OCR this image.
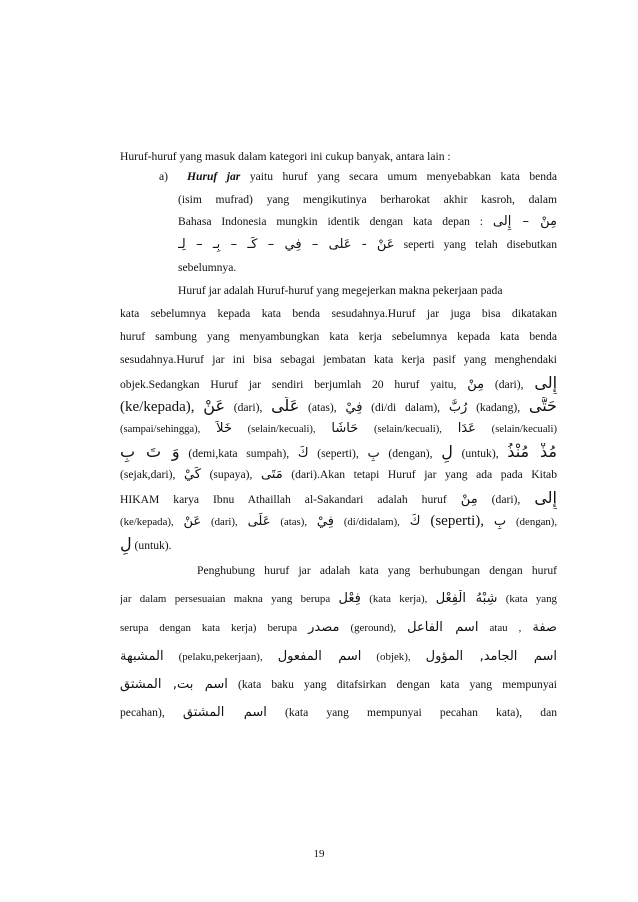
Huruf-huruf yang masuk dalam kategori ini cukup banyak, antara lain :
a) Huruf jar yaitu huruf yang secara umum menyebabkan kata benda
(isim mufrad) yang mengikutinya berharokat akhir kasroh, dalam
Bahasa Indonesia mungkin identik dengan kata depan : مِنْ – إِلى
عَنْ - عَلى – فِي – كَـ – بِـ – لِـ seperti yang telah disebutkan
sebelumnya.
Huruf jar adalah Huruf-huruf yang megejerkan makna pekerjaan pada
kata sebelumnya kepada kata benda sesudahnya.Huruf jar juga bisa dikatakan
huruf sambung yang menyambungkan kata kerja sebelumnya kepada kata benda
sesudahnya.Huruf jar ini bisa sebagai jembatan kata kerja pasif yang menghendaki
objek.Sedangkan Huruf jar sendiri berjumlah 20 huruf yaitu, مِنْ (dari), إِلى
(ke/kepada), عَنْ (dari), عَلَى (atas), فِيْ (di/di dalam), رُبَّ (kadang), حَتَّى
(sampai/sehingga), خَلاَ (selain/kecuali), حَاشَا (selain/kecuali), عَدَا (selain/kecuali)
وَ تَ بِ (demi,kata sumpah), كَ (seperti), بِ (dengan), لِ (untuk), مُذْ مُنْذُ
(sejak,dari), كَيْ (supaya), مَتَى (dari).Akan tetapi Huruf jar yang ada pada Kitab
HIKAM karya Ibnu Athaillah al-Sakandari adalah huruf مِنْ (dari), إِلى
(ke/kepada), عَنْ (dari), عَلَى (atas), فِيْ (di/didalam), كَ (seperti), بِ (dengan),
لِ (untuk).
Penghubung huruf jar adalah kata yang berhubungan dengan huruf
jar dalam persesuaian makna yang berupa فِعْل (kata kerja), شِبْهُ الْفِعْل (kata yang
serupa dengan kata kerja) berupa مصدر (geround), اسم الفاعل atau , صفة
المشبهة (pelaku,pekerjaan), اسم المفعول (objek), اسم الجامد, المؤول
اسم بت, المشتق (kata baku yang ditafsirkan dengan kata yang mempunyai
pecahan), اسم المشتق (kata yang mempunyai pecahan kata), dan
19
